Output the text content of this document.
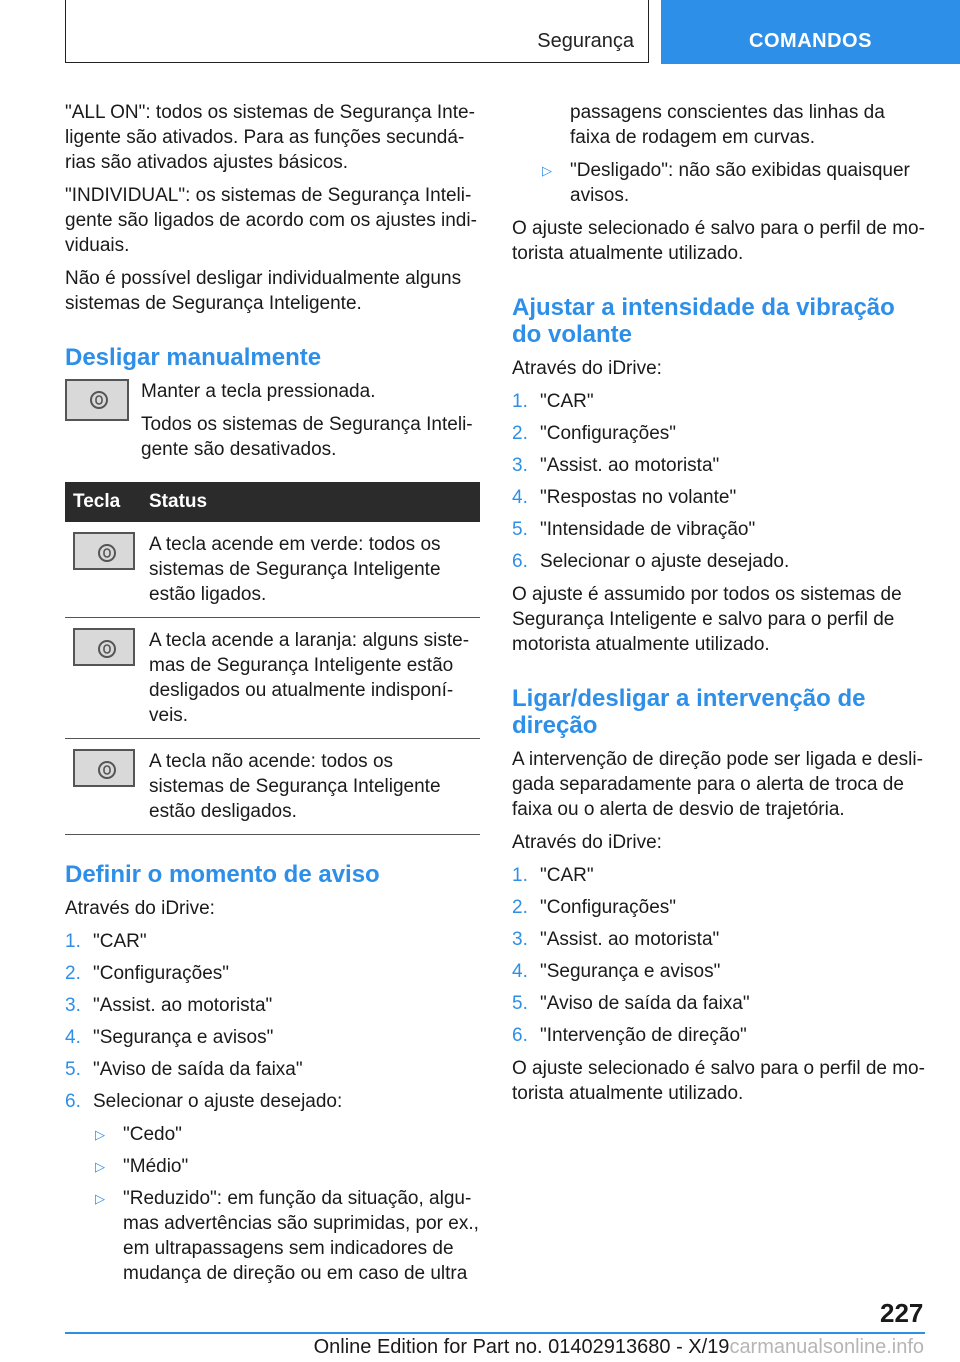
Segurança	COMANDOS

"ALL ON": todos os sistemas de Segurança Inteligente são ativados. Para as funções secundárias são ativados ajustes básicos.

"INDIVIDUAL": os sistemas de Segurança Inteligente são ligados de acordo com os ajustes individuais.

Não é possível desligar individualmente alguns sistemas de Segurança Inteligente.

Desligar manualmente

Manter a tecla pressionada.

Todos os sistemas de Segurança Inteligente são desativados.

Tecla	Status

	A tecla acende em verde: todos os sistemas de Segurança Inteligente estão ligados.

	A tecla acende a laranja: alguns sistemas de Segurança Inteligente estão desligados ou atualmente indisponíveis.

	A tecla não acende: todos os sistemas de Segurança Inteligente estão desligados.
Definir o momento de aviso

Através do iDrive:

1. "CAR"
2. "Configurações"
3. "Assist. ao motorista"
4. "Segurança e avisos"
5. "Aviso de saída da faixa"
6. Selecionar o ajuste desejado:
▷ "Cedo"
▷ "Médio"
▷ "Reduzido": em função da situação, algumas advertências são suprimidas, por ex., em ultrapassagens sem indicadores de mudança de direção ou em caso de ultra
passagens conscientes das linhas da faixa de rodagem em curvas.
▷ "Desligado": não são exibidas quaisquer avisos.

O ajuste selecionado é salvo para o perfil de motorista atualmente utilizado.

Ajustar a intensidade da vibração do volante

Através do iDrive:

1. "CAR"
2. "Configurações"
3. "Assist. ao motorista"
4. "Respostas no volante"
5. "Intensidade de vibração"
6. Selecionar o ajuste desejado.

O ajuste é assumido por todos os sistemas de Segurança Inteligente e salvo para o perfil de motorista atualmente utilizado.

Ligar/desligar a intervenção de direção

A intervenção de direção pode ser ligada e desligada separadamente para o alerta de troca de faixa ou o alerta de desvio de trajetória.

Através do iDrive:

1. "CAR"
2. "Configurações"
3. "Assist. ao motorista"
4. "Segurança e avisos"
5. "Aviso de saída da faixa"
6. "Intervenção de direção"

O ajuste selecionado é salvo para o perfil de motorista atualmente utilizado.

227
Online Edition for Part no. 01402913680 - X/19carmanualsonline.info
